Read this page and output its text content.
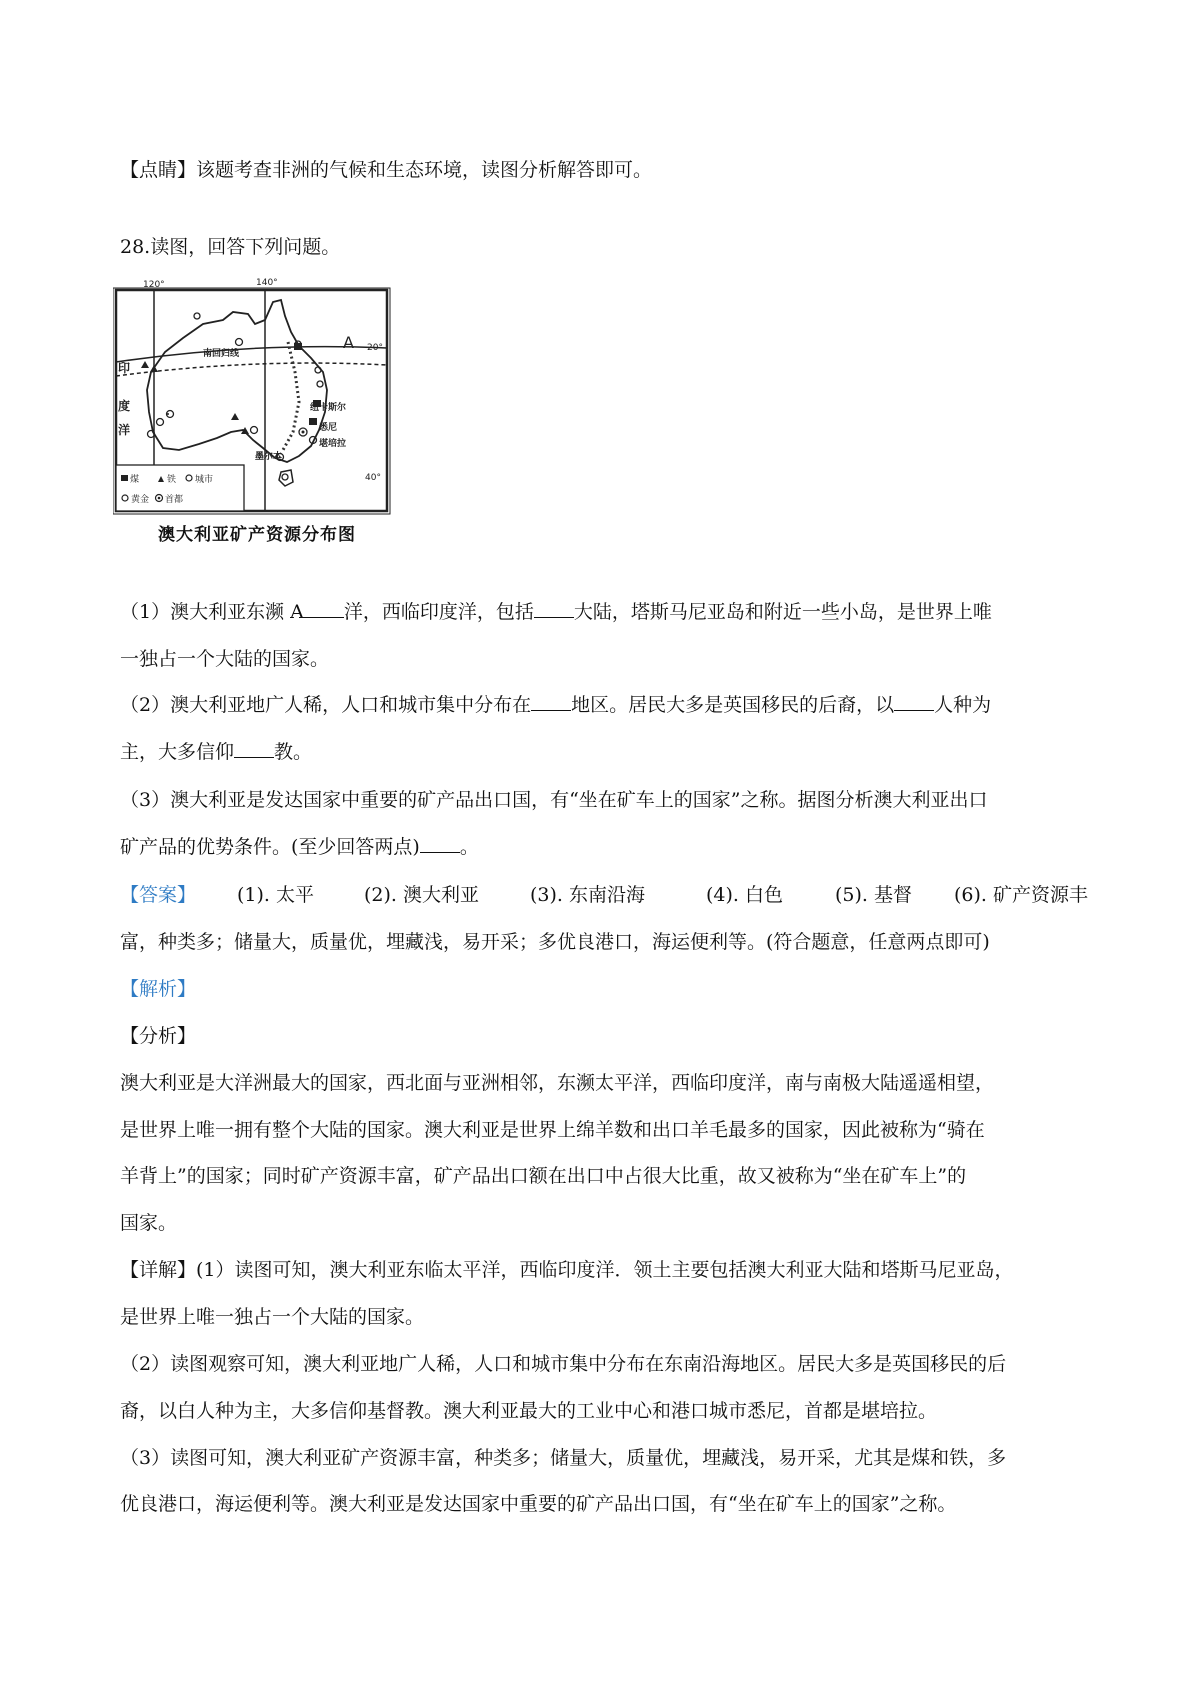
【点睛】该题考查非洲的气候和生态环境，读图分析解答即可。
28.读图，回答下列问题。
120°	140°
20°
40°
A
南回归线
印
度
洋
纽卡斯尔
悉尼
堪培拉
墨尔本
煤	铁 城市
黄金 首都
澳大利亚矿产资源分布图
（1）澳大利亚东濒 A 洋，西临印度洋，包括 大陆，塔斯马尼亚岛和附近一些小岛，是世界上唯
一独占一个大陆的国家。
（2）澳大利亚地广人稀，人口和城市集中分布在 地区。居民大多是英国移民的后裔，以 人种为
主，大多信仰 教。
（3）澳大利亚是发达国家中重要的矿产品出口国，有“坐在矿车上的国家”之称。据图分析澳大利亚出口
矿产品的优势条件。(至少回答两点) 。
【答案】 (1). 太平	(2). 澳大利亚	(3). 东南沿海	(4). 白色	(5). 基督 (6). 矿产资源丰
富，种类多；储量大，质量优，埋藏浅，易开采；多优良港口，海运便利等。(符合题意，任意两点即可)
【解析】
【分析】
澳大利亚是大洋洲最大的国家，西北面与亚洲相邻，东濒太平洋，西临印度洋，南与南极大陆遥遥相望，
是世界上唯一拥有整个大陆的国家。澳大利亚是世界上绵羊数和出口羊毛最多的国家，因此被称为“骑在
羊背上”的国家；同时矿产资源丰富，矿产品出口额在出口中占很大比重，故又被称为“坐在矿车上”的
国家。
【详解】(1）读图可知，澳大利亚东临太平洋，西临印度洋．领土主要包括澳大利亚大陆和塔斯马尼亚岛，
是世界上唯一独占一个大陆的国家。
（2）读图观察可知，澳大利亚地广人稀，人口和城市集中分布在东南沿海地区。居民大多是英国移民的后
裔，以白人种为主，大多信仰基督教。澳大利亚最大的工业中心和港口城市悉尼，首都是堪培拉。
（3）读图可知，澳大利亚矿产资源丰富，种类多；储量大，质量优，埋藏浅，易开采，尤其是煤和铁，多
优良港口，海运便利等。澳大利亚是发达国家中重要的矿产品出口国，有“坐在矿车上的国家”之称。
